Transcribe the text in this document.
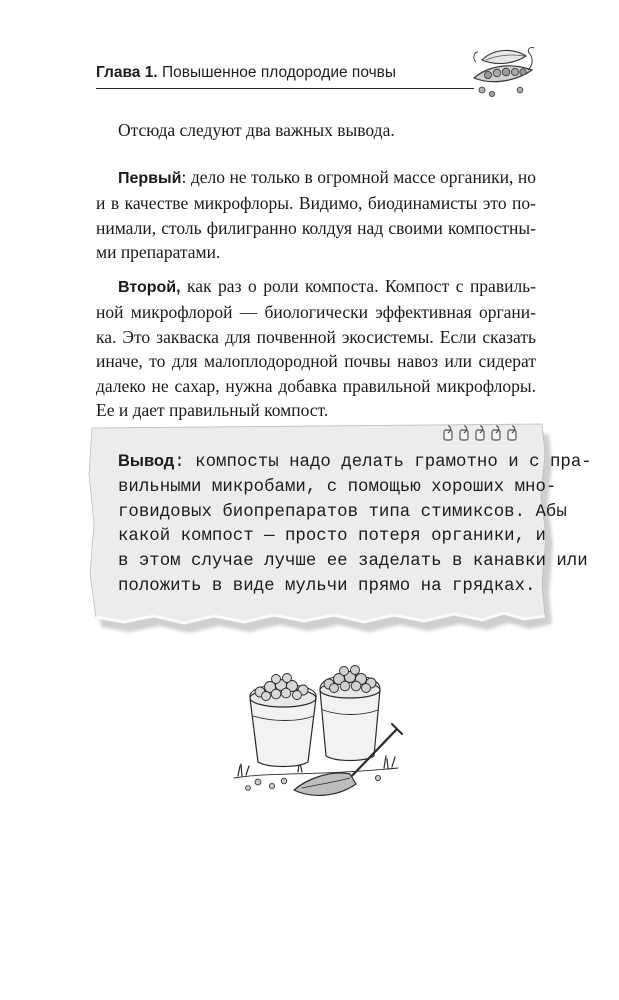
Глава 1. Повышенное плодородие почвы
Отсюда следуют два важных вывода.
Первый: дело не только в огромной массе органики, но
и в качестве микрофлоры. Видимо, биодинамисты это по-
нимали, столь филигранно колдуя над своими компостны-
ми препаратами.
Второй, как раз о роли компоста. Компост с правиль-
ной микрофлорой — биологически эффективная органи-
ка. Это закваска для почвенной экосистемы. Если сказать
иначе, то для малоплодородной почвы навоз или сидерат
далеко не сахар, нужна добавка правильной микрофлоры.
Ее и дает правильный компост.
Вывод: компосты надо делать грамотно и с пра-
вильными микробами, с помощью хороших мно-
говидовых биопрепаратов типа стимиксов. Абы
какой компост — просто потеря органики, и
в этом случае лучше ее заделать в канавки или
положить в виде мульчи прямо на грядках.
